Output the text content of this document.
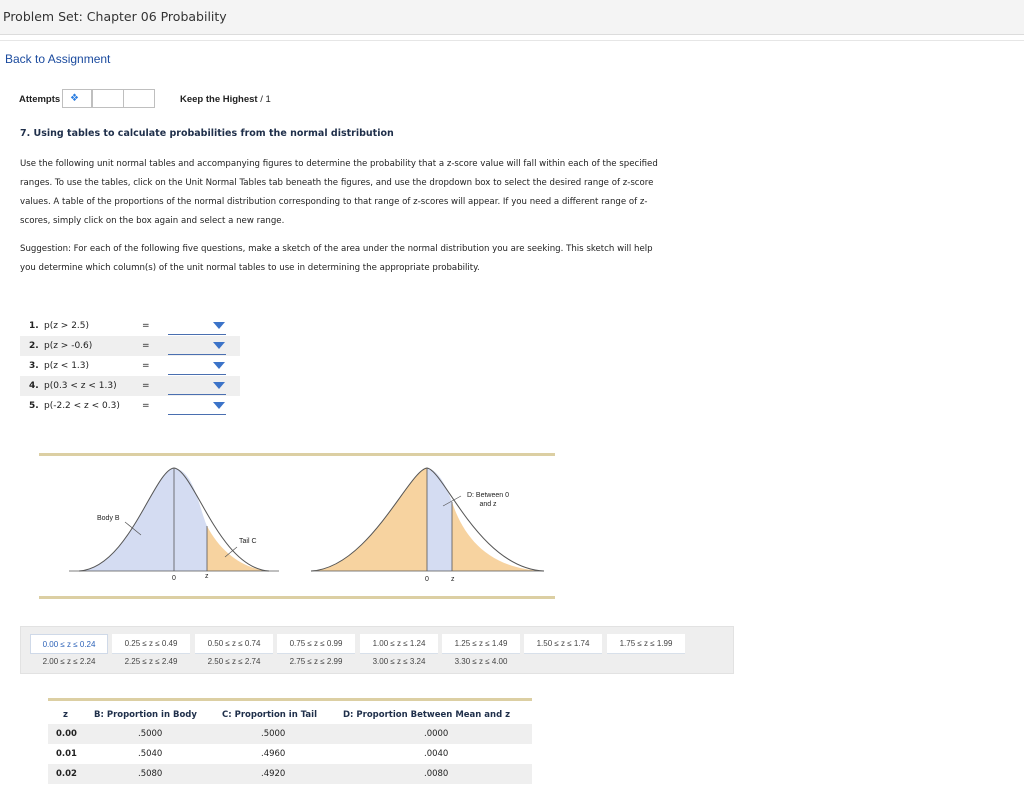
Problem Set: Chapter 06 Probability
Back to Assignment
Attempts ❖	Keep the Highest / 1
7. Using tables to calculate probabilities from the normal distribution
Use the following unit normal tables and accompanying figures to determine the probability that a z-score value will fall within each of the specified
ranges. To use the tables, click on the Unit Normal Tables tab beneath the figures, and use the dropdown box to select the desired range of z-score
values. A table of the proportions of the normal distribution corresponding to that range of z-scores will appear. If you need a different range of z-
scores, simply click on the box again and select a new range.
Suggestion: For each of the following five questions, make a sketch of the area under the normal distribution you are seeking. This sketch will help
you determine which column(s) of the unit normal tables to use in determining the appropriate probability.
1. p(z > 2.5)	=
2. p(z > -0.6)	=
3. p(z < 1.3)	=
4. p(0.3 < z < 1.3)	=
5. p(-2.2 < z < 0.3) =
Body B
Tail C
0	z
D: Between 0
and z
0	z
0.00 ≤ z ≤ 0.24	0.25 ≤ z ≤ 0.49	0.50 ≤ z ≤ 0.74	0.75 ≤ z ≤ 0.99	1.00 ≤ z ≤ 1.24	1.25 ≤ z ≤ 1.49	1.50 ≤ z ≤ 1.74	1.75 ≤ z ≤ 1.99
2.00 ≤ z ≤ 2.24	2.25 ≤ z ≤ 2.49	2.50 ≤ z ≤ 2.74	2.75 ≤ z ≤ 2.99	3.00 ≤ z ≤ 3.24	3.30 ≤ z ≤ 4.00
z	B: Proportion in Body	C: Proportion in Tail	D: Proportion Between Mean and z
0.00	.5000	.5000	.0000
0.01	.5040	.4960	.0040
0.02	.5080	.4920	.0080
